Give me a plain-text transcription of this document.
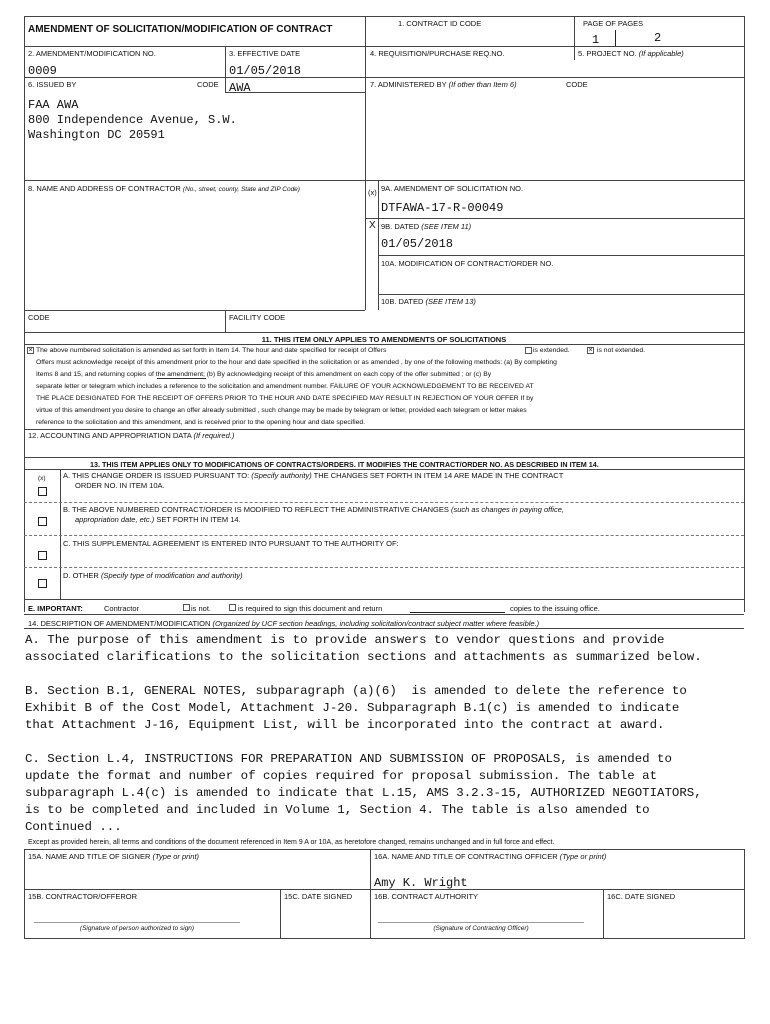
AMENDMENT OF SOLICITATION/MODIFICATION OF CONTRACT
1. CONTRACT ID CODE	PAGE OF PAGES
1	2
2. AMENDMENT/MODIFICATION NO.	3. EFFECTIVE DATE	4. REQUISITION/PURCHASE REQ.NO.	5. PROJECT NO. (If applicable)
0009	01/05/2018
6. ISSUED BY	CODE AWA	7. ADMINISTERED BY (If other than Item 6)	CODE
FAA AWA
800 Independence Avenue, S.W.
Washington DC 20591
8. NAME AND ADDRESS OF CONTRACTOR (No., street, county, State and ZIP Code)	(x) 9A. AMENDMENT OF SOLICITATION NO.
DTFAWA-17-R-00049
X 9B. DATED (SEE ITEM 11)
01/05/2018
10A. MODIFICATION OF CONTRACT/ORDER NO.
10B. DATED (SEE ITEM 13)
CODE	FACILITY CODE
11. THIS ITEM ONLY APPLIES TO AMENDMENTS OF SOLICITATIONS
× The above numbered solicitation is amended as set forth in Item 14. The hour and date specified for receipt of Offers	is extended.	× is not extended.
Offers must acknowledge receipt of this amendment prior to the hour and date specified in the solicitation or as amended , by one of the following methods: (a) By completing
Items 8 and 15, and returning copies of the amendment; (b) By acknowledging receipt of this amendment on each copy of the offer submitted ; or (c) By
separate letter or telegram which includes a reference to the solicitation and amendment number. FAILURE OF YOUR ACKNOWLEDGEMENT TO BE RECEIVED AT
THE PLACE DESIGNATED FOR THE RECEIPT OF OFFERS PRIOR TO THE HOUR AND DATE SPECIFIED MAY RESULT IN REJECTION OF YOUR OFFER If by
virtue of this amendment you desire to change an offer already submitted , such change may be made by telegram or letter, provided each telegram or letter makes
reference to the solicitation and this amendment, and is received prior to the opening hour and date specified.
12. ACCOUNTING AND APPROPRIATION DATA (If required.)
13. THIS ITEM APPLIES ONLY TO MODIFICATIONS OF CONTRACTS/ORDERS. IT MODIFIES THE CONTRACT/ORDER NO. AS DESCRIBED IN ITEM 14.
(x) A. THIS CHANGE ORDER IS ISSUED PURSUANT TO: (Specify authority) THE CHANGES SET FORTH IN ITEM 14 ARE MADE IN THE CONTRACT
ORDER NO. IN ITEM 10A.
B. THE ABOVE NUMBERED CONTRACT/ORDER IS MODIFIED TO REFLECT THE ADMINISTRATIVE CHANGES (such as changes in paying office,
appropriation date, etc.) SET FORTH IN ITEM 14.
C. THIS SUPPLEMENTAL AGREEMENT IS ENTERED INTO PURSUANT TO THE AUTHORITY OF:
D. OTHER (Specify type of modification and authority)
E. IMPORTANT:	Contractor	is not.	is required to sign this document and return	copies to the issuing office.
14. DESCRIPTION OF AMENDMENT/MODIFICATION (Organized by UCF section headings, including solicitation/contract subject matter where feasible.)
A. The purpose of this amendment is to provide answers to vendor questions and provide
associated clarifications to the solicitation sections and attachments as summarized below.
B. Section B.1, GENERAL NOTES, subparagraph (a)(6)  is amended to delete the reference to
Exhibit B of the Cost Model, Attachment J-20. Subparagraph B.1(c) is amended to indicate
that Attachment J-16, Equipment List, will be incorporated into the contract at award.
C. Section L.4, INSTRUCTIONS FOR PREPARATION AND SUBMISSION OF PROPOSALS, is amended to
update the format and number of copies required for proposal submission. The table at
subparagraph L.4(c) is amended to indicate that L.15, AMS 3.2.3-15, AUTHORIZED NEGOTIATORS,
is to be completed and included in Volume 1, Section 4. The table is also amended to
Continued ...
Except as provided herein, all terms and conditions of the document referenced in Item 9 A or 10A, as heretofore changed, remains unchanged and in full force and effect.
15A. NAME AND TITLE OF SIGNER (Type or print)	16A. NAME AND TITLE OF CONTRACTING OFFICER (Type or print)
Amy K. Wright
15B. CONTRACTOR/OFFEROR	15C. DATE SIGNED	16B. CONTRACT AUTHORITY	16C. DATE SIGNED
(Signature of person authorized to sign)	(Signature of Contracting Officer)
